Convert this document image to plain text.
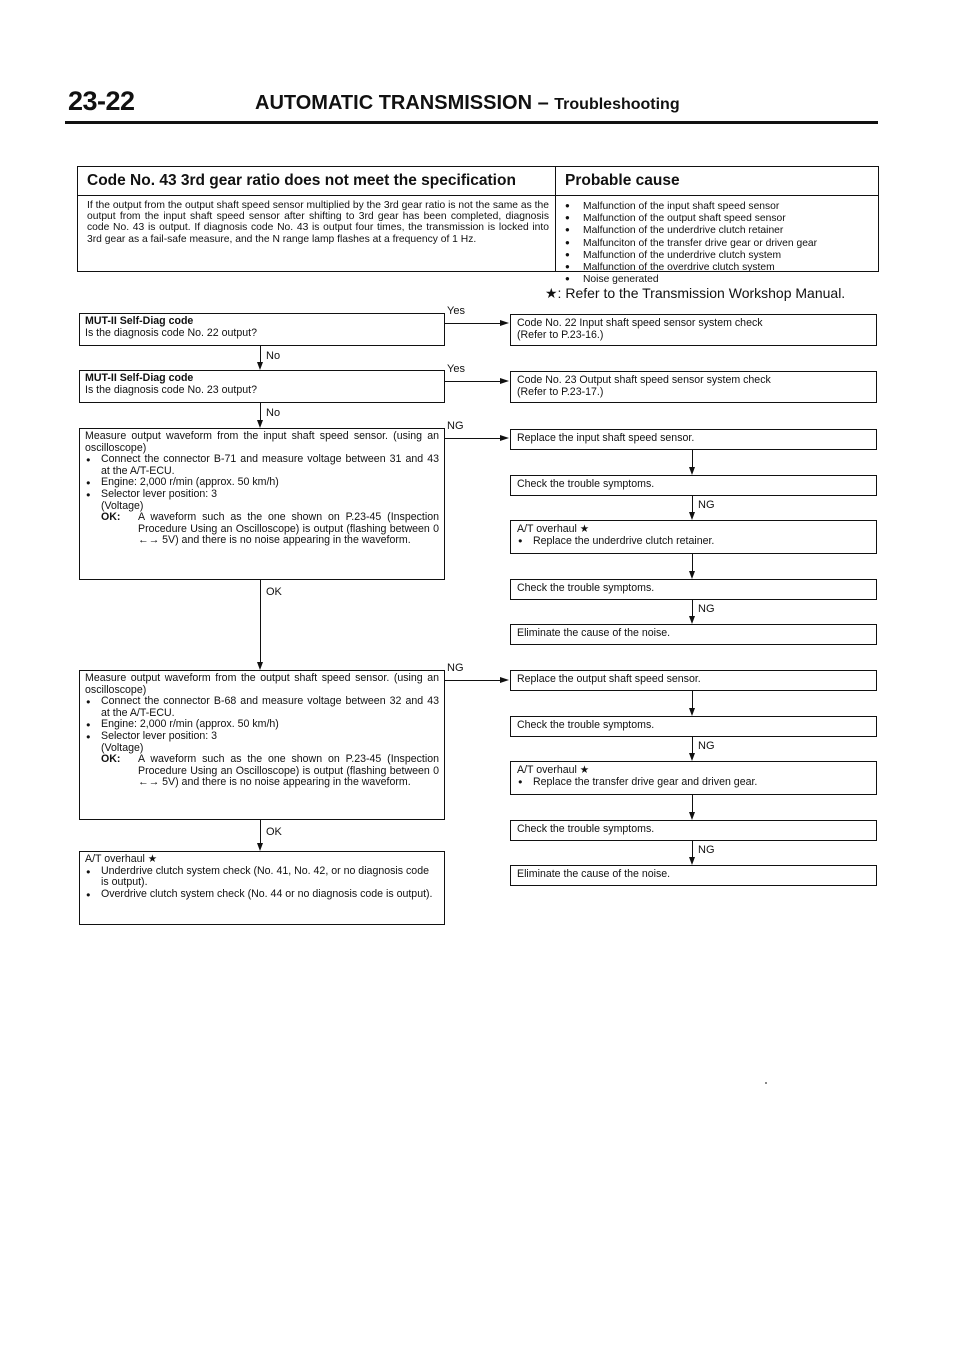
23-22	AUTOMATIC TRANSMISSION – Troubleshooting
Code No. 43 3rd gear ratio does not meet the specification
If the output from the output shaft speed sensor multiplied by the 3rd gear ratio is not the same as the output from the input shaft speed sensor after shifting to 3rd gear has been completed, diagnosis code No. 43 is output. If diagnosis code No. 43 is output four times, the transmission is locked into 3rd gear as a fail-safe measure, and the N range lamp flashes at a frequency of 1 Hz.
Probable cause
● Malfunction of the input shaft speed sensor
● Malfunction of the output shaft speed sensor
● Malfunction of the underdrive clutch retainer
● Malfunciton of the transfer drive gear or driven gear
● Malfunction of the underdrive clutch system
● Malfunction of the overdrive clutch system
● Noise generated
★: Refer to the Transmission Workshop Manual.
MUT-II Self-Diag code
Is the diagnosis code No. 22 output?
MUT-II Self-Diag code
Is the diagnosis code No. 23 output?
Measure output waveform from the input shaft speed sensor. (using an oscilloscope)
● Connect the connector B-71 and measure voltage between 31 and 43 at the A/T-ECU.
● Engine: 2,000 r/min (approx. 50 km/h)
● Selector lever position: 3
(Voltage)
OK: A waveform such as the one shown on P.23-45 (Inspection Procedure Using an Oscilloscope) is output (flashing between 0 ←→ 5V) and there is no noise appearing in the waveform.
Measure output waveform from the output shaft speed sensor. (using an oscilloscope)
● Connect the connector B-68 and measure voltage between 32 and 43 at the A/T-ECU.
● Engine: 2,000 r/min (approx. 50 km/h)
● Selector lever position: 3
(Voltage)
OK: A waveform such as the one shown on P.23-45 (Inspection Procedure Using an Oscilloscope) is output (flashing between 0 ←→ 5V) and there is no noise appearing in the waveform.
A/T overhaul ★
● Underdrive clutch system check (No. 41, No. 42, or no diagnosis code is output).
● Overdrive clutch system check (No. 44 or no diagnosis code is output).
Code No. 22 Input shaft speed sensor system check
(Refer to P.23-16.)
Code No. 23 Output shaft speed sensor system check
(Refer to P.23-17.)
Replace the input shaft speed sensor.
Check the trouble symptoms.
A/T overhaul ★
● Replace the underdrive clutch retainer.
Check the trouble symptoms.
Eliminate the cause of the noise.
Replace the output shaft speed sensor.
Check the trouble symptoms.
A/T overhaul ★
● Replace the transfer drive gear and driven gear.
Check the trouble symptoms.
Eliminate the cause of the noise.
Yes
Yes
NG
NG
No
No
OK
OK
NG
NG
NG
NG
